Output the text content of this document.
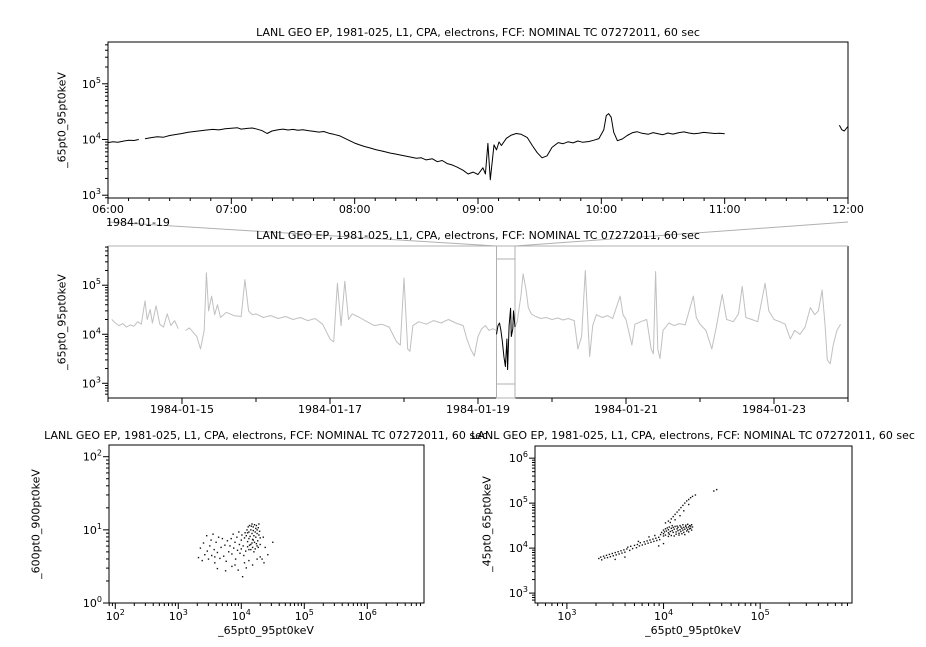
$10^3$
$10^4$
$10^5$
06:00	07:00	08:00	09:00	10:00	11:00	12:00
$10^3$
$10^4$
$10^5$
1984-01-15	1984-01-17	1984-01-19	1984-01-21	1984-01-23
$10^0$
$10^1$
$10^2$
$10^2$	$10^3$	$10^4$	$10^5$	$10^6$
$10^3$
$10^4$
$10^5$
$10^6$
$10^3$	$10^4$	$10^5$
LANL GEO EP, 1981-025, L1, CPA, electrons, FCF: NOMINAL TC 07272011, 60 sec
1984-01-19
LANL GEO EP, 1981-025, L1, CPA, electrons, FCF: NOMINAL TC 07272011, 60 sec
LANL GEO EP, 1981-025, L1, CPA, electrons, FCF: NOMINAL TC 07272011, 60 sec
LANL GEO EP, 1981-025, L1, CPA, electrons, FCF: NOMINAL TC 07272011, 60 sec
_65pt0_95pt0keV
_65pt0_95pt0keV
_600pt0_900pt0keV	_45pt0_65pt0keV
_65pt0_95pt0keV	_65pt0_95pt0keV
